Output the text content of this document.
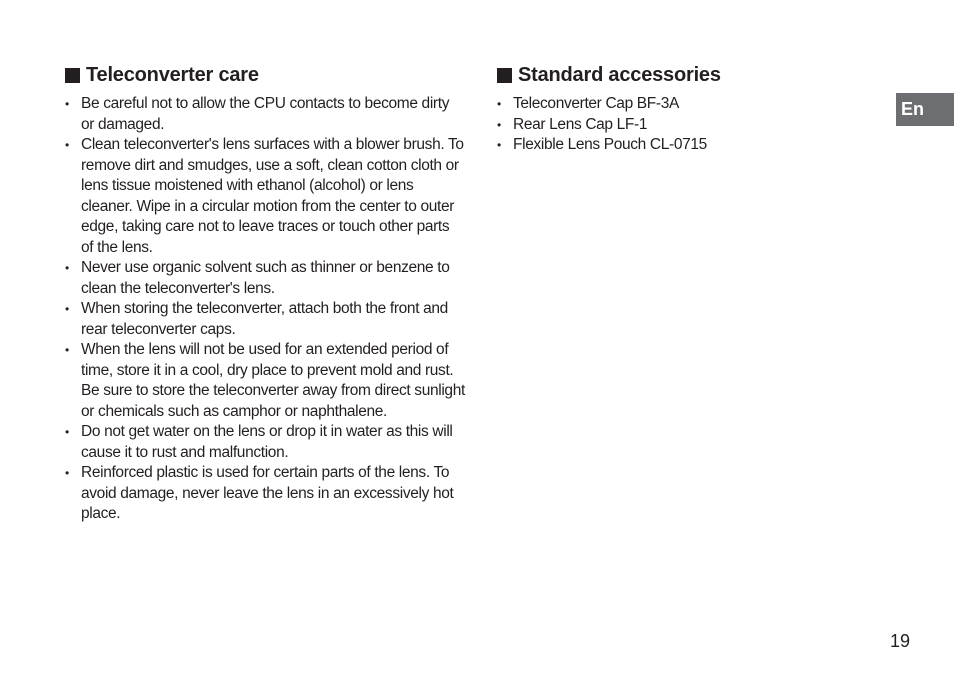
Teleconverter care
• Be careful not to allow the CPU contacts to become dirty or damaged.
• Clean teleconverter's lens surfaces with a blower brush. To remove dirt and smudges, use a soft, clean cotton cloth or lens tissue moistened with ethanol (alcohol) or lens cleaner. Wipe in a circular motion from the center to outer edge, taking care not to leave traces or touch other parts of the lens.
• Never use organic solvent such as thinner or benzene to clean the teleconverter's lens.
• When storing the teleconverter, attach both the front and rear teleconverter caps.
• When the lens will not be used for an extended period of time, store it in a cool, dry place to prevent mold and rust. Be sure to store the teleconverter away from direct sunlight or chemicals such as camphor or naphthalene.
• Do not get water on the lens or drop it in water as this will cause it to rust and malfunction.
• Reinforced plastic is used for certain parts of the lens. To avoid damage, never leave the lens in an excessively hot place.
Standard accessories
• Teleconverter Cap BF-3A
• Rear Lens Cap LF-1
• Flexible Lens Pouch CL-0715
En
19
